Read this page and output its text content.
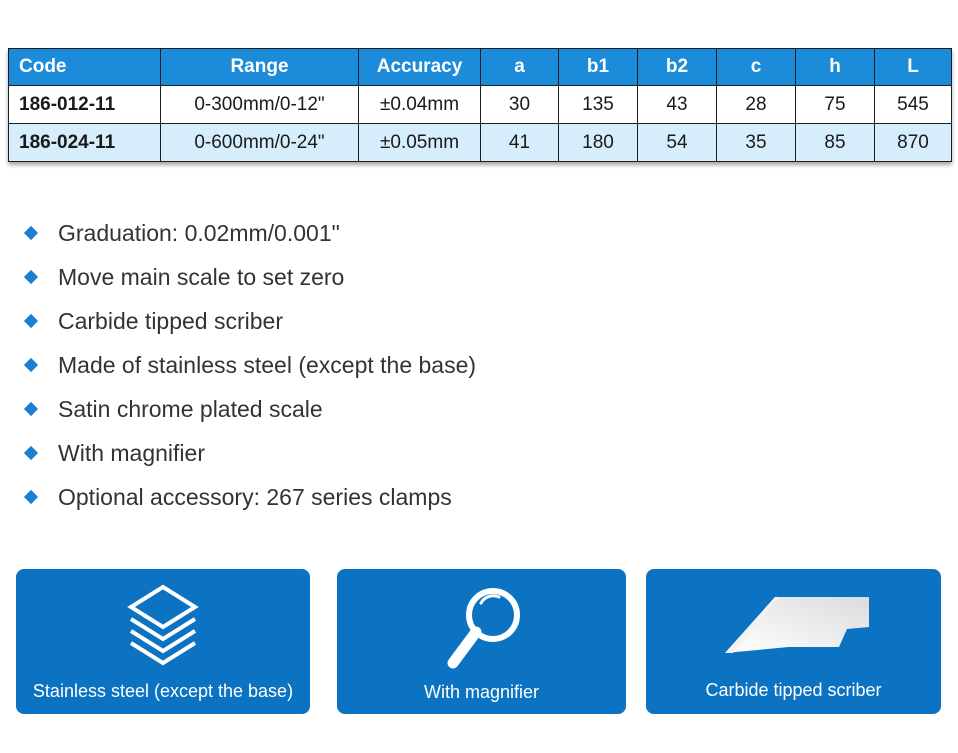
Code	Range	Accuracy	a	b1	b2	c	h	L
186-012-11	0-300mm/0-12"	±0.04mm	30	135	43	28	75	545
186-024-11	0-600mm/0-24"	±0.05mm	41	180	54	35	85	870
Graduation: 0.02mm/0.001"
Move main scale to set zero
Carbide tipped scriber
Made of stainless steel (except the base)
Satin chrome plated scale
With magnifier
Optional accessory: 267 series clamps
Stainless steel (except the base)	With magnifier	Carbide tipped scriber
